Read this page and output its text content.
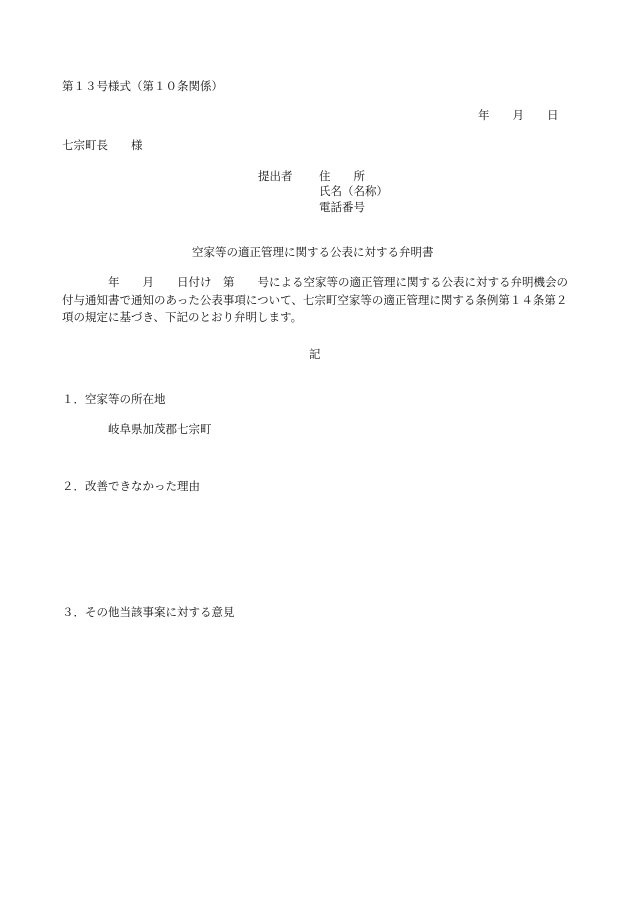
第１３号様式（第１０条関係）
年　　月　　日
七宗町長　　様
提出者 住　　所
氏名（名称）
電話番号
空家等の適正管理に関する公表に対する弁明書
　　　　年　　月　　日付け　第　　号による空家等の適正管理に関する公表に対する弁明機会の付与通知書で通知のあった公表事項について、七宗町空家等の適正管理に関する条例第１４条第２項の規定に基づき、下記のとおり弁明します。
記
１．空家等の所在地
岐阜県加茂郡七宗町
２．改善できなかった理由
３．その他当該事案に対する意見
